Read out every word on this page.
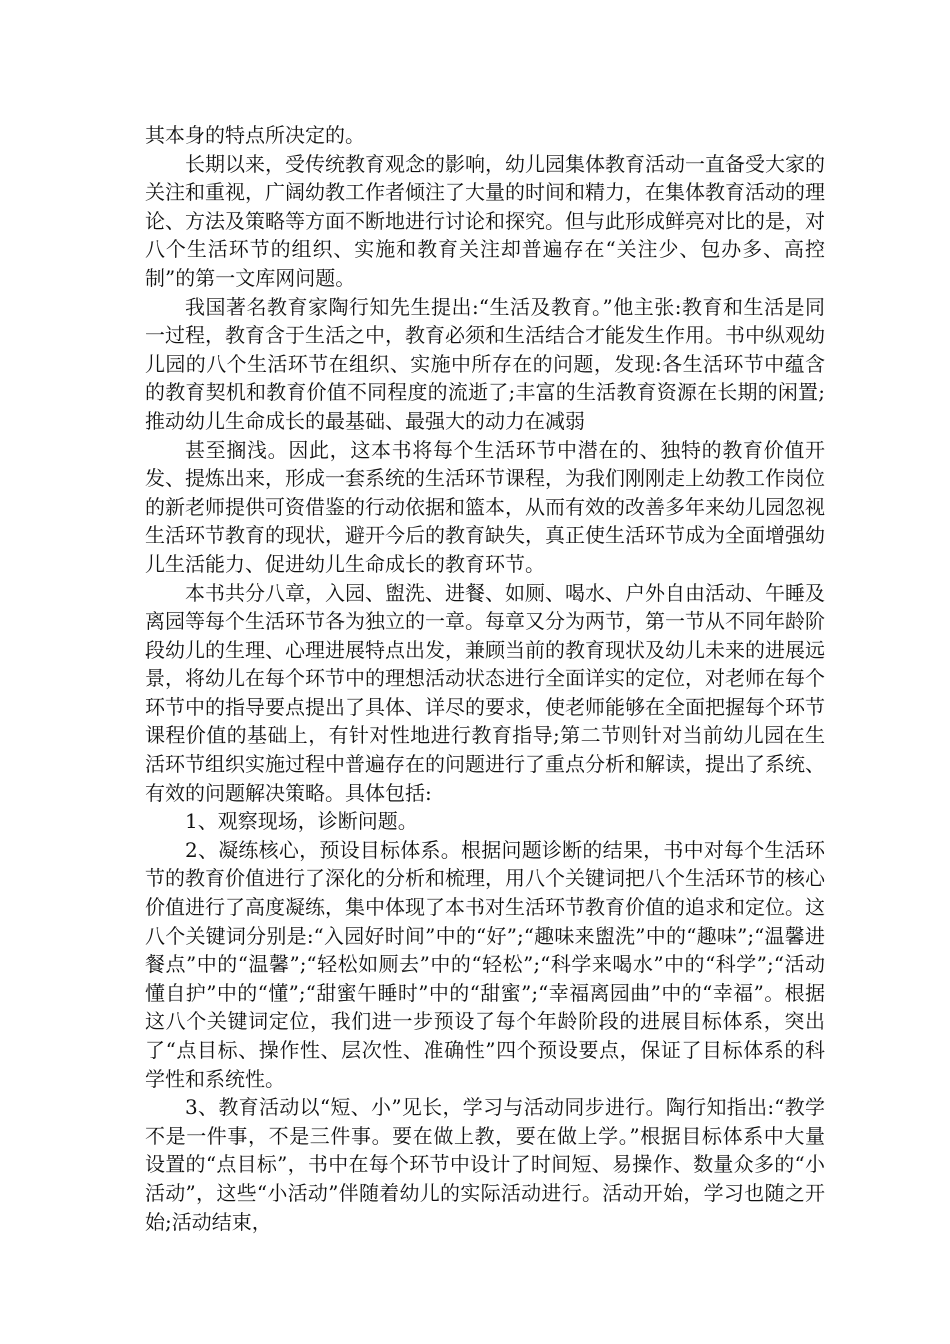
其本身的特点所决定的。

长期以来，受传统教育观念的影响，幼儿园集体教育活动一直备受大家的关注和重视，广阔幼教工作者倾注了大量的时间和精力，在集体教育活动的理论、方法及策略等方面不断地进行讨论和探究。但与此形成鲜亮对比的是，对八个生活环节的组织、实施和教育关注却普遍存在“关注少、包办多、高控制”的第一文库网问题。

我国著名教育家陶行知先生提出:“生活及教育。”他主张:教育和生活是同一过程，教育含于生活之中，教育必须和生活结合才能发生作用。书中纵观幼儿园的八个生活环节在组织、实施中所存在的问题，发现:各生活环节中蕴含的教育契机和教育价值不同程度的流逝了;丰富的生活教育资源在长期的闲置;推动幼儿生命成长的最基础、最强大的动力在减弱

甚至搁浅。因此，这本书将每个生活环节中潜在的、独特的教育价值开发、提炼出来，形成一套系统的生活环节课程，为我们刚刚走上幼教工作岗位的新老师提供可资借鉴的行动依据和篮本，从而有效的改善多年来幼儿园忽视生活环节教育的现状，避开今后的教育缺失，真正使生活环节成为全面增强幼儿生活能力、促进幼儿生命成长的教育环节。

本书共分八章，入园、盥洗、进餐、如厕、喝水、户外自由活动、午睡及离园等每个生活环节各为独立的一章。每章又分为两节，第一节从不同年龄阶段幼儿的生理、心理进展特点出发，兼顾当前的教育现状及幼儿未来的进展远景，将幼儿在每个环节中的理想活动状态进行全面详实的定位，对老师在每个环节中的指导要点提出了具体、详尽的要求，使老师能够在全面把握每个环节课程价值的基础上，有针对性地进行教育指导;第二节则针对当前幼儿园在生活环节组织实施过程中普遍存在的问题进行了重点分析和解读，提出了系统、有效的问题解决策略。具体包括:

1、观察现场，诊断问题。

2、凝练核心，预设目标体系。根据问题诊断的结果，书中对每个生活环节的教育价值进行了深化的分析和梳理，用八个关键词把八个生活环节的核心价值进行了高度凝练，集中体现了本书对生活环节教育价值的追求和定位。这八个关键词分别是:“入园好时间”中的“好”;“趣味来盥洗”中的“趣味”;“温馨进餐点”中的“温馨”;“轻松如厕去”中的“轻松”;“科学来喝水”中的“科学”;“活动懂自护”中的“懂”;“甜蜜午睡时”中的“甜蜜”;“幸福离园曲”中的“幸福”。根据这八个关键词定位，我们进一步预设了每个年龄阶段的进展目标体系，突出了“点目标、操作性、层次性、准确性”四个预设要点，保证了目标体系的科学性和系统性。

3、教育活动以“短、小”见长，学习与活动同步进行。陶行知指出:“教学不是一件事，不是三件事。要在做上教，要在做上学。”根据目标体系中大量设置的“点目标”，书中在每个环节中设计了时间短、易操作、数量众多的“小活动”，这些“小活动”伴随着幼儿的实际活动进行。活动开始，学习也随之开始;活动结束，
